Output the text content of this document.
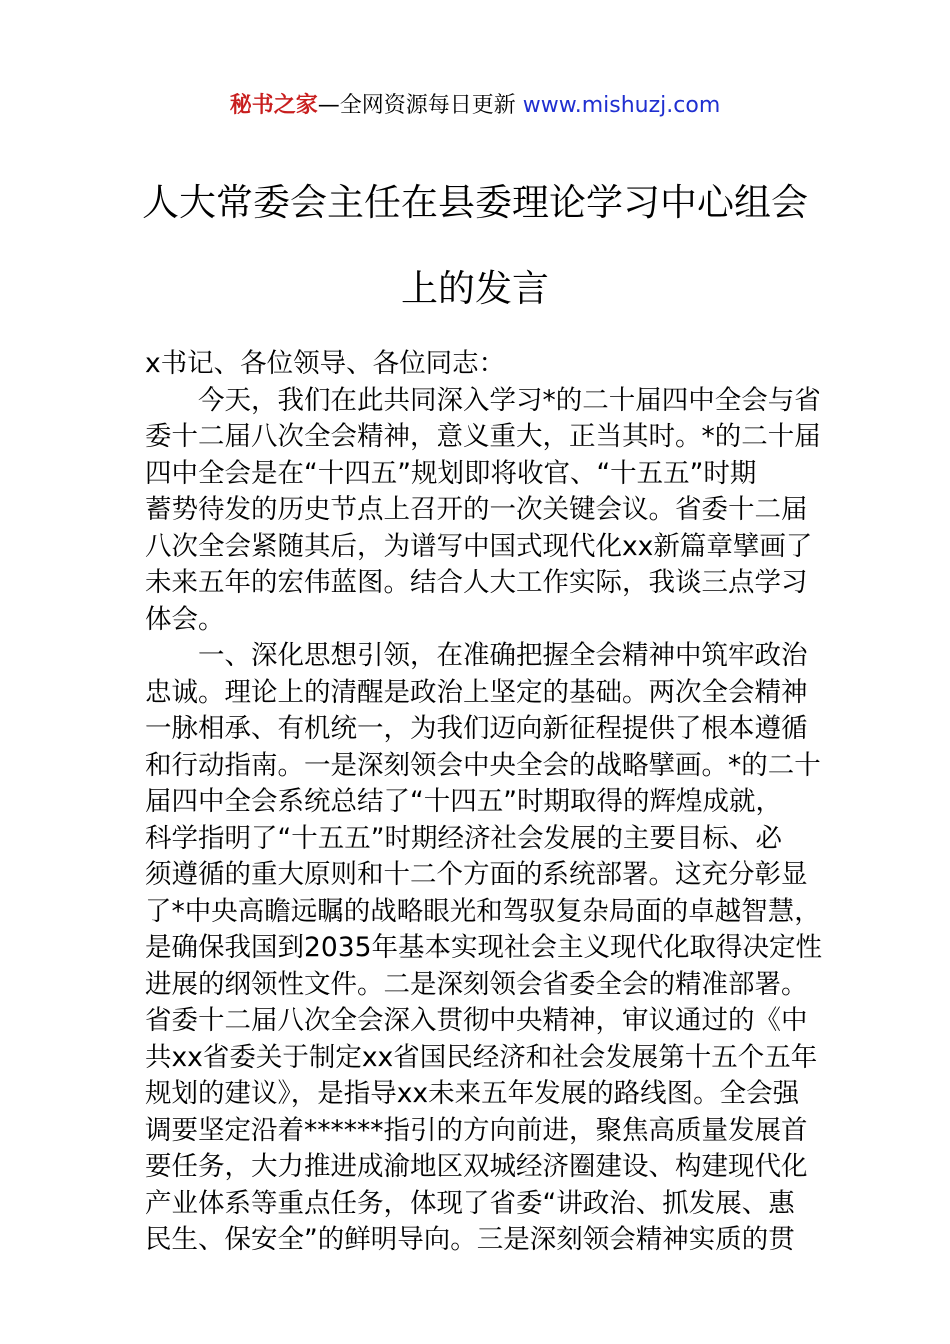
秘书之家—全网资源每日更新 www.mishuzj.com
人大常委会主任在县委理论学习中心组会
上的发言
x书记、各位领导、各位同志：
今天，我们在此共同深入学习*的二十届四中全会与省
委十二届八次全会精神，意义重大，正当其时。*的二十届
四中全会是在“十四五”规划即将收官、“十五五”时期
蓄势待发的历史节点上召开的一次关键会议。省委十二届
八次全会紧随其后，为谱写中国式现代化xx新篇章擘画了
未来五年的宏伟蓝图。结合人大工作实际，我谈三点学习
体会。
一、深化思想引领，在准确把握全会精神中筑牢政治
忠诚。理论上的清醒是政治上坚定的基础。两次全会精神
一脉相承、有机统一，为我们迈向新征程提供了根本遵循
和行动指南。一是深刻领会中央全会的战略擘画。*的二十
届四中全会系统总结了“十四五”时期取得的辉煌成就，
科学指明了“十五五”时期经济社会发展的主要目标、必
须遵循的重大原则和十二个方面的系统部署。这充分彰显
了*中央高瞻远瞩的战略眼光和驾驭复杂局面的卓越智慧，
是确保我国到2035年基本实现社会主义现代化取得决定性
进展的纲领性文件。二是深刻领会省委全会的精准部署。
省委十二届八次全会深入贯彻中央精神，审议通过的《中
共xx省委关于制定xx省国民经济和社会发展第十五个五年
规划的建议》，是指导xx未来五年发展的路线图。全会强
调要坚定沿着******指引的方向前进，聚焦高质量发展首
要任务，大力推进成渝地区双城经济圈建设、构建现代化
产业体系等重点任务，体现了省委“讲政治、抓发展、惠
民生、保安全”的鲜明导向。三是深刻领会精神实质的贯
